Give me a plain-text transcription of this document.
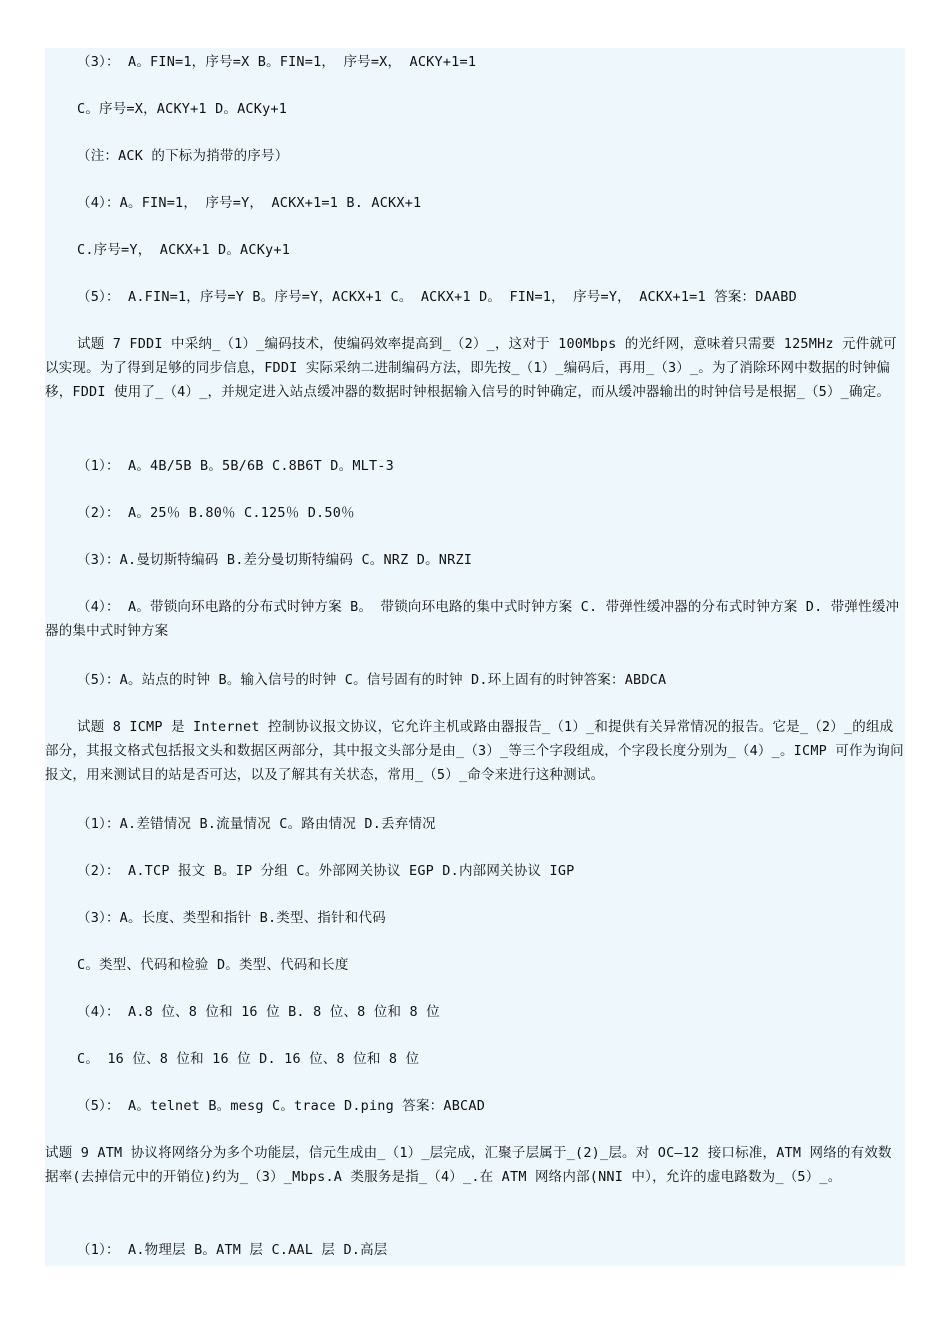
（3）： A。FIN=1，序号=X B。FIN=1， 序号=X， ACKY+1=1
C。序号=X，ACKY+1 D。ACKy+1
（注：ACK 的下标为捎带的序号）
（4）：A。FIN=1， 序号=Y， ACKX+1=1 B. ACKX+1
C.序号=Y， ACKX+1 D。ACKy+1
（5）： A.FIN=1，序号=Y B。序号=Y，ACKX+1 C。 ACKX+1 D。 FIN=1， 序号=Y， ACKX+1=1 答案：DAABD
试题 7 FDDI 中采纳_（1）_编码技术，使编码效率提高到_（2）_，这对于 100Mbps 的光纤网，意味着只需要 125MHz 元件就可以实现。为了得到足够的同步信息，FDDI 实际采纳二进制编码方法，即先按_（1）_编码后，再用_（3）_。为了消除环网中数据的时钟偏移，FDDI 使用了_（4）_，并规定进入站点缓冲器的数据时钟根据输入信号的时钟确定，而从缓冲器输出的时钟信号是根据_（5）_确定。
（1）： A。4B/5B B。5B/6B C.8B6T D。MLT-3
（2）： A。25％ B.80％ C.125％ D.50％
（3）：A.曼切斯特编码 B.差分曼切斯特编码 C。NRZ D。NRZI
（4）： A。带锁向环电路的分布式时钟方案 B。 带锁向环电路的集中式时钟方案 C. 带弹性缓冲器的分布式时钟方案 D. 带弹性缓冲器的集中式时钟方案
（5）：A。站点的时钟 B。输入信号的时钟 C。信号固有的时钟 D.环上固有的时钟答案：ABDCA
试题 8 ICMP 是 Internet 控制协议报文协议，它允许主机或路由器报告_（1）_和提供有关异常情况的报告。它是_（2）_的组成部分，其报文格式包括报文头和数据区两部分，其中报文头部分是由_（3）_等三个字段组成，个字段长度分别为_（4）_。ICMP 可作为询问报文，用来测试目的站是否可达，以及了解其有关状态，常用_（5）_命令来进行这种测试。
（1）：A.差错情况 B.流量情况 C。路由情况 D.丢弃情况
（2）： A.TCP 报文 B。IP 分组 C。外部网关协议 EGP D.内部网关协议 IGP
（3）：A。长度、类型和指针 B.类型、指针和代码
C。类型、代码和检验 D。类型、代码和长度
（4）： A.8 位、8 位和 16 位 B. 8 位、8 位和 8 位
C。 16 位、8 位和 16 位 D. 16 位、8 位和 8 位
（5）： A。telnet B。mesg C。trace D.ping 答案：ABCAD
试题 9 ATM 协议将网络分为多个功能层，信元生成由_（1）_层完成，汇聚子层属于_(2)_层。对 OC—12 接口标准，ATM 网络的有效数据率(去掉信元中的开销位)约为_（3）_Mbps.A 类服务是指_（4）_.在 ATM 网络内部(NNI 中），允许的虚电路数为_（5）_。
（1）： A.物理层 B。ATM 层 C.AAL 层 D.高层
